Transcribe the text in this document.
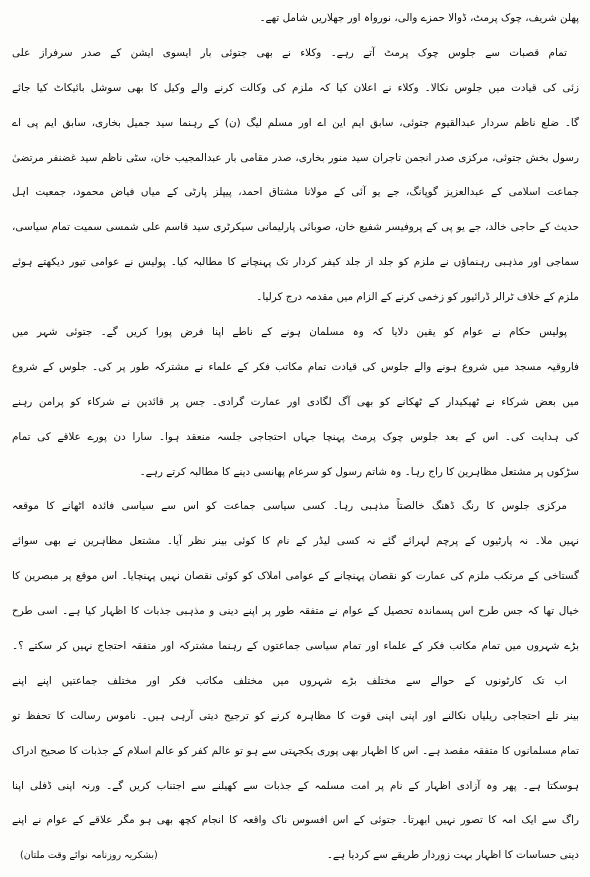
پھلن شریف، چوک پرمٹ، ڈوالا حمزے والی، نورواہ اور جھلاریں شامل تھے۔
تمام قصبات سے جلوس چوک پرمٹ آتے رہے۔ وکلاء نے بھی جتوئی بار ایسوی ایشن کے صدر سرفراز علی
زئی کی قیادت میں جلوس نکالا۔ وکلاء نے اعلان کیا کہ ملزم کی وکالت کرنے والے وکیل کا بھی سوشل بائیکاٹ کیا جائے
گا۔ ضلع ناظم سردار عبدالقیوم جتوئی، سابق ایم این اے اور مسلم لیگ (ن) کے رہنما سید جمیل بخاری، سابق ایم پی اے
رسول بخش جتوئی، مرکزی صدر انجمن تاجران سید منور بخاری، صدر مقامی بار عبدالمجیب خان، سٹی ناظم سید غضنفر مرتضیٰ
جماعت اسلامی کے عبدالعزیز گوپانگ، جے یو آئی کے مولانا مشتاق احمد، پیپلز پارٹی کے میاں فیاض محمود، جمعیت اہل
حدیث کے حاجی خالد، جے یو پی کے پروفیسر شفیع خان، صوبائی پارلیمانی سیکرٹری سید قاسم علی شمسی سمیت تمام سیاسی،
سماجی اور مذہبی رہنماؤں نے ملزم کو جلد از جلد کیفر کردار تک پہنچانے کا مطالبہ کیا۔ پولیس نے عوامی تیور دیکھتے ہوئے
ملزم کے خلاف ٹرالر ڈرائیور کو زخمی کرنے کے الزام میں مقدمہ درج کرلیا۔
پولیس حکام نے عوام کو یقین دلایا کہ وہ مسلمان ہونے کے ناطے اپنا فرض پورا کریں گے۔ جتوئی شہر میں
فاروقیہ مسجد میں شروع ہونے والے جلوس کی قیادت تمام مکاتب فکر کے علماء نے مشترکہ طور پر کی۔ جلوس کے شروع
میں بعض شرکاء نے ٹھیکیدار کے ٹھکانے کو بھی آگ لگادی اور عمارت گرادی۔ جس پر قائدین نے شرکاء کو پرامن رہنے
کی ہدایت کی۔ اس کے بعد جلوس چوک پرمٹ پہنچا جہاں احتجاجی جلسہ منعقد ہوا۔ سارا دن پورے علاقے کی تمام
سڑکوں پر مشتعل مظاہرین کا راج رہا۔ وہ شاتم رسول کو سرعام پھانسی دینے کا مطالبہ کرتے رہے۔
مرکزی جلوس کا رنگ ڈھنگ خالصتاً مذہبی رہا۔ کسی سیاسی جماعت کو اس سے سیاسی فائدہ اٹھانے کا موقعہ
نہیں ملا۔ نہ پارٹیوں کے پرچم لہرائے گئے نہ کسی لیڈر کے نام کا کوئی بینر نظر آیا۔ مشتعل مظاہرین نے بھی سوائے
گستاخی کے مرتکب ملزم کی عمارت کو نقصان پہنچانے کے عوامی املاک کو کوئی نقصان نہیں پہنچایا۔ اس موقع پر مبصرین کا
خیال تھا کہ جس طرح اس پسماندہ تحصیل کے عوام نے متفقہ طور پر اپنے دینی و مذہبی جذبات کا اظہار کیا ہے۔ اسی طرح
بڑے شہروں میں تمام مکاتب فکر کے علماء اور تمام سیاسی جماعتوں کے رہنما مشترکہ اور متفقہ احتجاج نہیں کر سکتے ؟۔
اب تک کارٹونوں کے حوالے سے مختلف بڑے شہروں میں مختلف مکاتب فکر اور مختلف جماعتیں اپنے اپنے
بینر تلے احتجاجی ریلیاں نکالنے اور اپنی اپنی قوت کا مظاہرہ کرنے کو ترجیح دیتی آرہی ہیں۔ ناموس رسالت کا تحفظ تو
تمام مسلمانوں کا متفقہ مقصد ہے۔ اس کا اظہار بھی پوری یکجہتی سے ہو تو عالم کفر کو عالم اسلام کے جذبات کا صحیح ادراک
ہوسکتا ہے۔ پھر وہ آزادی اظہار کے نام پر امت مسلمہ کے جذبات سے کھیلنے سے اجتناب کریں گے۔ ورنہ اپنی ڈفلی اپنا
راگ سے ایک امہ کا تصور نہیں ابھرتا۔ جتوئی کے اس افسوس ناک واقعہ کا انجام کچھ بھی ہو مگر علاقے کے عوام نے اپنے
دینی حساسات کا اظہار بہت زوردار طریقے سے کردیا ہے۔
(بشکریہ روزنامہ نوائے وقت ملتان)
